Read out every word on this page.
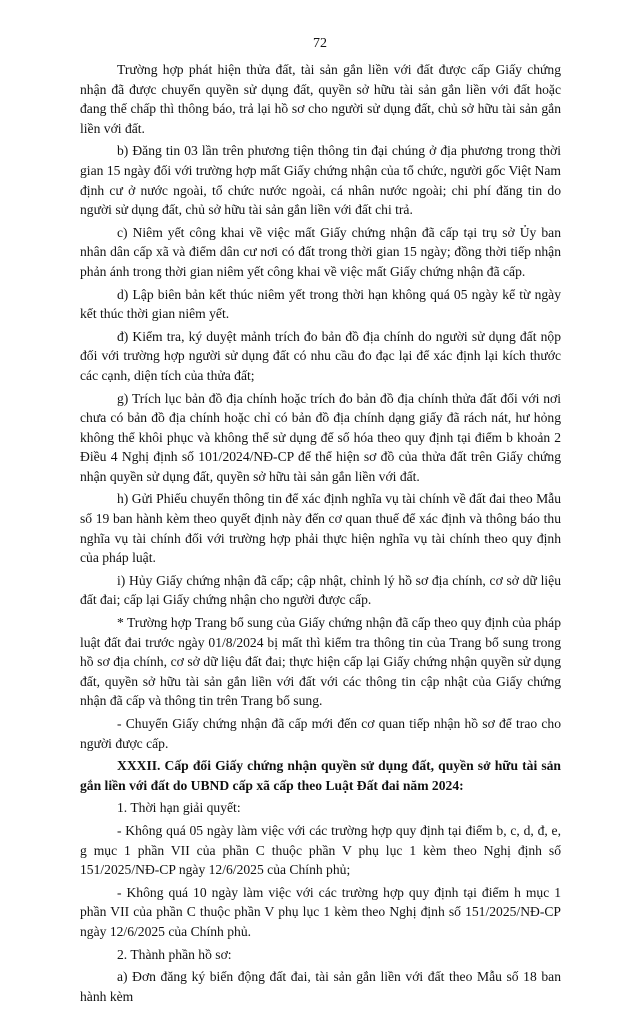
72

Trường hợp phát hiện thửa đất, tài sản gắn liền với đất được cấp Giấy chứng nhận đã được chuyển quyền sử dụng đất, quyền sở hữu tài sản gắn liền với đất hoặc đang thế chấp thì thông báo, trả lại hồ sơ cho người sử dụng đất, chủ sở hữu tài sản gắn liền với đất.

b) Đăng tin 03 lần trên phương tiện thông tin đại chúng ở địa phương trong thời gian 15 ngày đối với trường hợp mất Giấy chứng nhận của tổ chức, người gốc Việt Nam định cư ở nước ngoài, tổ chức nước ngoài, cá nhân nước ngoài; chi phí đăng tin do người sử dụng đất, chủ sở hữu tài sản gắn liền với đất chi trả.

c) Niêm yết công khai về việc mất Giấy chứng nhận đã cấp tại trụ sở Ủy ban nhân dân cấp xã và điểm dân cư nơi có đất trong thời gian 15 ngày; đồng thời tiếp nhận phản ánh trong thời gian niêm yết công khai về việc mất Giấy chứng nhận đã cấp.

d) Lập biên bản kết thúc niêm yết trong thời hạn không quá 05 ngày kể từ ngày kết thúc thời gian niêm yết.

đ) Kiểm tra, ký duyệt mảnh trích đo bản đồ địa chính do người sử dụng đất nộp đối với trường hợp người sử dụng đất có nhu cầu đo đạc lại để xác định lại kích thước các cạnh, diện tích của thửa đất;

g) Trích lục bản đồ địa chính hoặc trích đo bản đồ địa chính thửa đất đối với nơi chưa có bản đồ địa chính hoặc chỉ có bản đồ địa chính dạng giấy đã rách nát, hư hỏng không thể khôi phục và không thể sử dụng để số hóa theo quy định tại điểm b khoản 2 Điều 4 Nghị định số 101/2024/NĐ-CP để thể hiện sơ đồ của thửa đất trên Giấy chứng nhận quyền sử dụng đất, quyền sở hữu tài sản gắn liền với đất.

h) Gửi Phiếu chuyển thông tin để xác định nghĩa vụ tài chính về đất đai theo Mẫu số 19 ban hành kèm theo quyết định này đến cơ quan thuế để xác định và thông báo thu nghĩa vụ tài chính đối với trường hợp phải thực hiện nghĩa vụ tài chính theo quy định của pháp luật.

i) Hủy Giấy chứng nhận đã cấp; cập nhật, chỉnh lý hồ sơ địa chính, cơ sở dữ liệu đất đai; cấp lại Giấy chứng nhận cho người được cấp.

* Trường hợp Trang bổ sung của Giấy chứng nhận đã cấp theo quy định của pháp luật đất đai trước ngày 01/8/2024 bị mất thì kiểm tra thông tin của Trang bổ sung trong hồ sơ địa chính, cơ sở dữ liệu đất đai; thực hiện cấp lại Giấy chứng nhận quyền sử dụng đất, quyền sở hữu tài sản gắn liền với đất với các thông tin cập nhật của Giấy chứng nhận đã cấp và thông tin trên Trang bổ sung.

- Chuyển Giấy chứng nhận đã cấp mới đến cơ quan tiếp nhận hồ sơ để trao cho người được cấp.

XXXII. Cấp đổi Giấy chứng nhận quyền sử dụng đất, quyền sở hữu tài sản gắn liền với đất do UBND cấp xã cấp theo Luật Đất đai năm 2024:

1. Thời hạn giải quyết:

- Không quá 05 ngày làm việc với các trường hợp quy định tại điểm b, c, d, đ, e, g mục 1 phần VII của phần C thuộc phần V phụ lục 1 kèm theo Nghị định số 151/2025/NĐ-CP ngày 12/6/2025 của Chính phủ;

- Không quá 10 ngày làm việc với các trường hợp quy định tại điểm h mục 1 phần VII của phần C thuộc phần V phụ lục 1 kèm theo Nghị định số 151/2025/NĐ-CP ngày 12/6/2025 của Chính phủ.

2. Thành phần hồ sơ:

a) Đơn đăng ký biến động đất đai, tài sản gắn liền với đất theo Mẫu số 18 ban hành kèm
